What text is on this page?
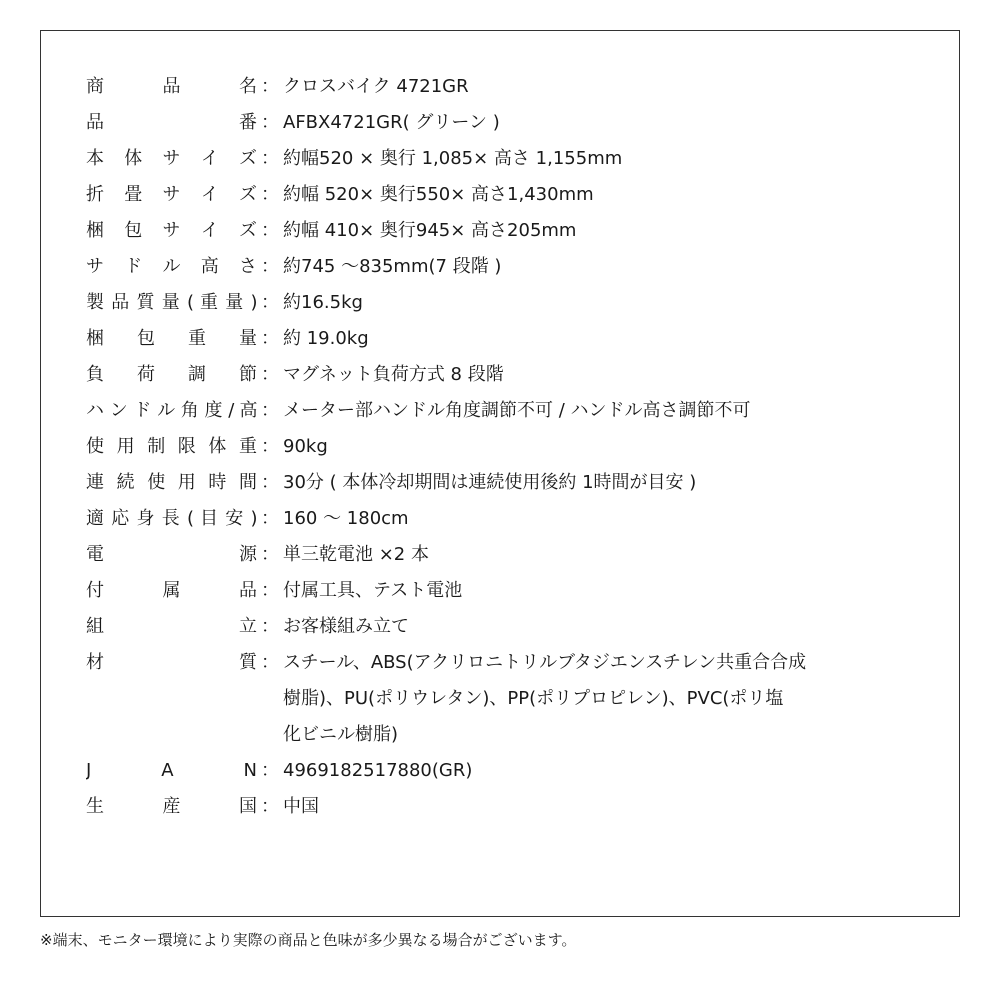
商 品 名 ： クロスバイク 4721GR
品 番 ： AFBX4721GR( グリーン )
本 体 サ イ ズ ： 約幅520 × 奥行 1,085× 高さ 1,155mm
折 畳 サ イ ズ ： 約幅 520× 奥行550× 高さ1,430mm
梱 包 サ イ ズ ： 約幅 410× 奥行945× 高さ205mm
サ ド ル 高 さ ： 約745 ～835mm(7 段階 )
製 品 質 量 ( 重 量 ) ： 約16.5kg
梱 包 重 量 ： 約 19.0kg
負 荷 調 節 ： マグネット負荷方式 8 段階
ハ ン ド ル 角 度 / 高 ： メーター部ハンドル角度調節不可 / ハンドル高さ調節不可
使 用 制 限 体 重 ： 90kg
連 続 使 用 時 間 ： 30分 ( 本体冷却期間は連続使用後約 1時間が目安 )
適 応 身 長 ( 目 安 ) ： 160 ～ 180cm
電 源 ： 単三乾電池 ×2 本
付 属 品 ： 付属工具、テスト電池
組 立 ： お客様組み立て
材 質 ： スチール、ABS(アクリロニトリルブタジエンスチレン共重合合成
樹脂)、PU(ポリウレタン)、PP(ポリプロピレン)、PVC(ポリ塩
化ビニル樹脂)
J A N ： 4969182517880(GR)
生 産 国 ： 中国
※端末、モニター環境により実際の商品と色味が多少異なる場合がございます。
